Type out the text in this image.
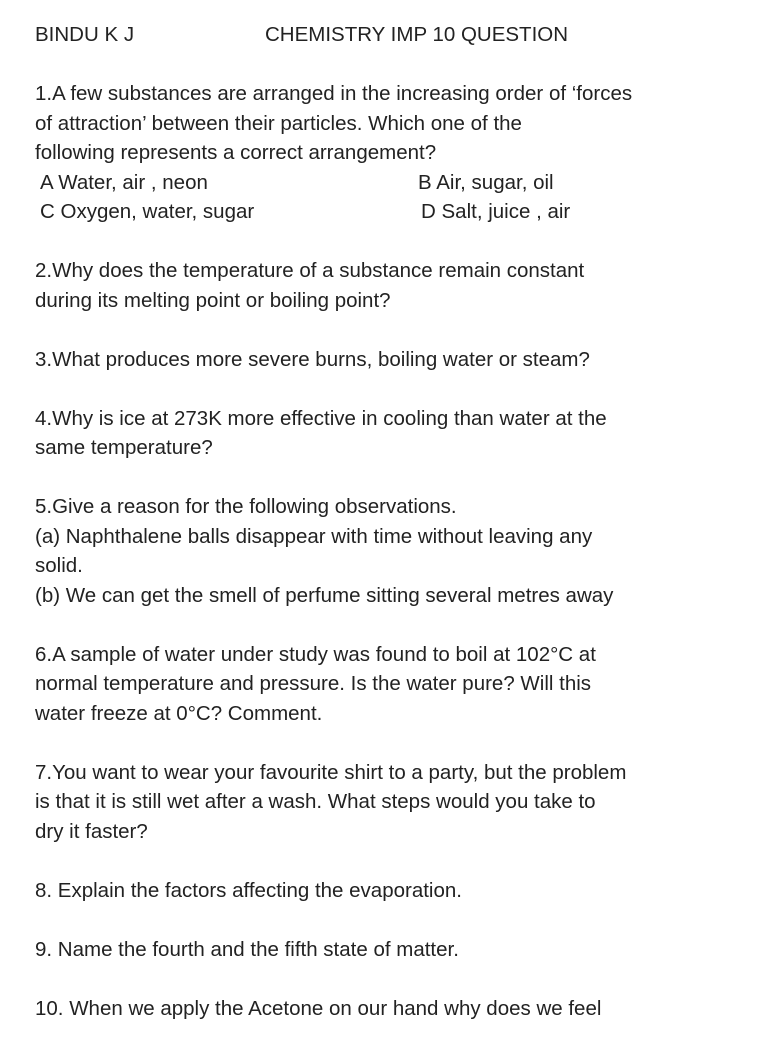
BINDU K J	CHEMISTRY IMP 10 QUESTION
1.A few substances are arranged in the increasing order of ‘forces
of attraction’ between their particles. Which one of the
following represents a correct arrangement?
A Water, air , neon	B Air, sugar, oil
C Oxygen, water, sugar	D Salt, juice , air
2.Why does the temperature of a substance remain constant
during its melting point or boiling point?
3.What produces more severe burns, boiling water or steam?
4.Why is ice at 273K more effective in cooling than water at the
same temperature?
5.Give a reason for the following observations.
(a) Naphthalene balls disappear with time without leaving any
solid.
(b) We can get the smell of perfume sitting several metres away
6.A sample of water under study was found to boil at 102°C at
normal temperature and pressure. Is the water pure? Will this
water freeze at 0°C? Comment.
7.You want to wear your favourite shirt to a party, but the problem
is that it is still wet after a wash. What steps would you take to
dry it faster?
8. Explain the factors affecting the evaporation.
9. Name the fourth and the fifth state of matter.
10. When we apply the Acetone on our hand why does we feel
